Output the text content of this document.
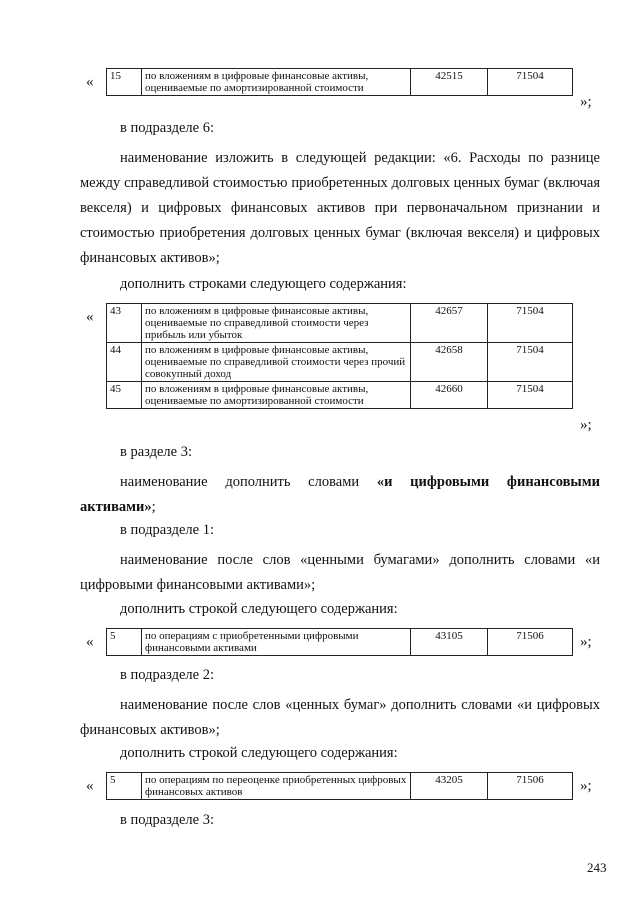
« 15	по вложениям в цифровые финансовые активы, оцениваемые по амортизированной стоимости	42515	71504
»;
в подразделе 6:
наименование изложить в следующей редакции: «6. Расходы по разнице между справедливой стоимостью приобретенных долговых ценных бумаг (включая векселя) и цифровых финансовых активов при первоначальном признании и стоимостью приобретения долговых ценных бумаг (включая векселя) и цифровых финансовых активов»;
дополнить строками следующего содержания:
« 43	по вложениям в цифровые финансовые активы, оцениваемые по справедливой стоимости через прибыль или убыток	42657	71504
44	по вложениям в цифровые финансовые активы, оцениваемые по справедливой стоимости через прочий совокупный доход	42658	71504
45	по вложениям в цифровые финансовые активы, оцениваемые по амортизированной стоимости	42660	71504
»;
в разделе 3:
наименование дополнить словами «и цифровыми финансовыми активами»;
в подразделе 1:
наименование после слов «ценными бумагами» дополнить словами «и цифровыми финансовыми активами»;
дополнить строкой следующего содержания:
« 5	по операциям с приобретенными цифровыми финансовыми активами	43105	71506 »;
в подразделе 2:
наименование после слов «ценных бумаг» дополнить словами «и цифровых финансовых активов»;
дополнить строкой следующего содержания:
« 5	по операциям по переоценке приобретенных цифровых финансовых активов	43205	71506 »;
в подразделе 3:
243
